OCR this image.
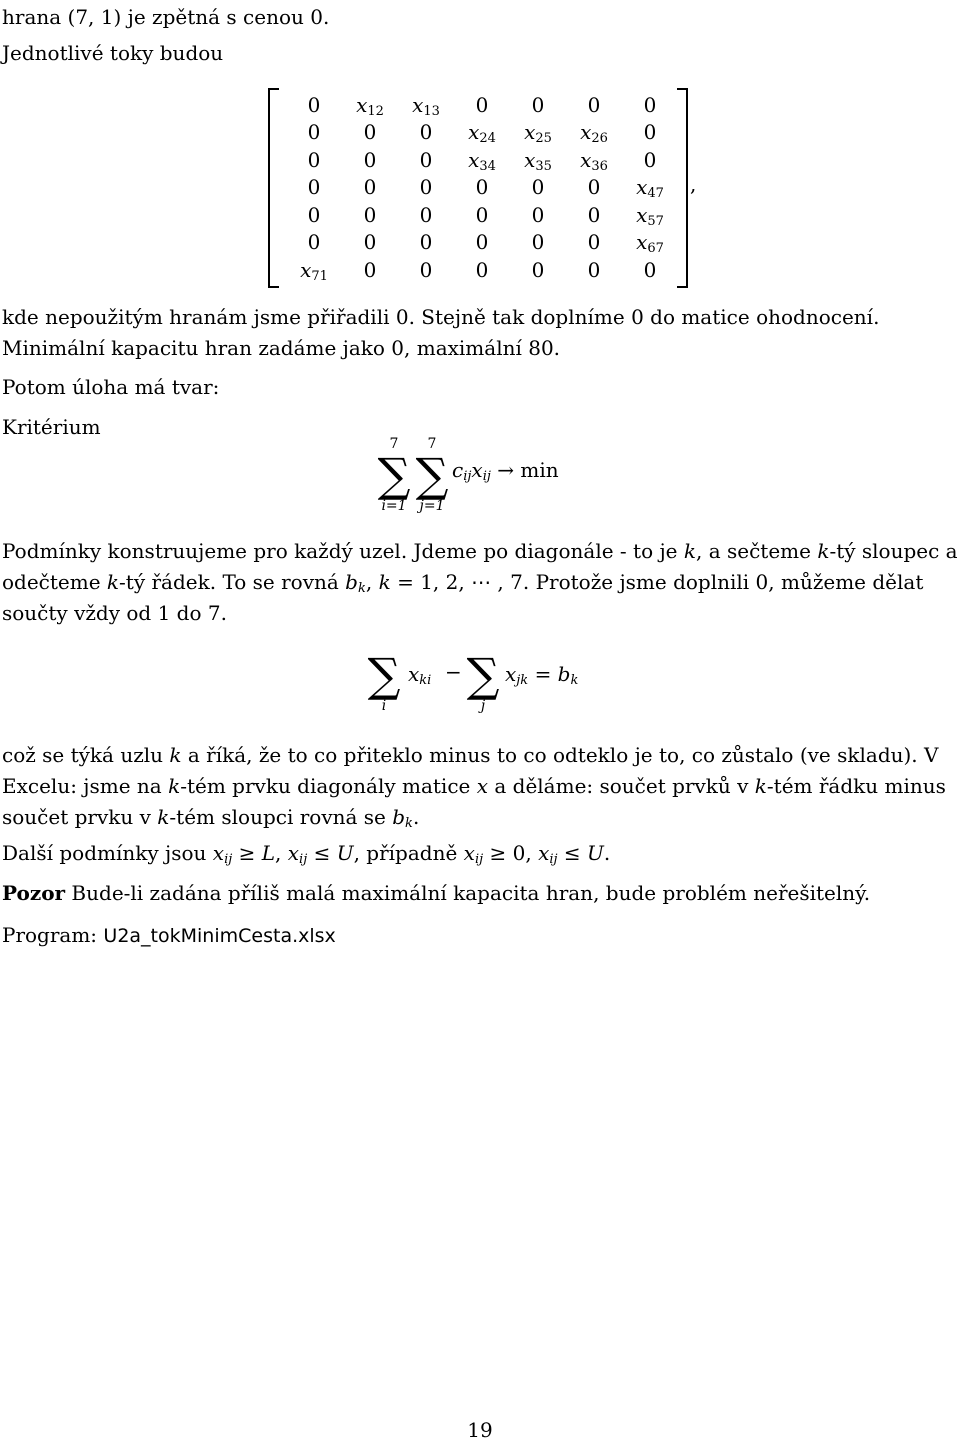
hrana (7, 1) je zpětná s cenou 0.

Jednotlivé toky budou

0	$x_{12}$	$x_{13}$	0	0	0	0
0	0	0	$x_{24}$	$x_{25}$	$x_{26}$	0
0	0	0	$x_{34}$	$x_{35}$	$x_{36}$	0
0	0	0	0	0	0	$x_{47}$
0	0	0	0	0	0	$x_{57}$
0	0	0	0	0	0	$x_{67}$
$x_{71}$	0	0	0	0	0	0
,

kde nepoužitým hranám jsme přiřadili 0. Stejně tak doplníme 0 do matice ohodnocení. Minimální kapacitu hran zadáme jako 0, maximální 80.

Potom úloha má tvar:

Kritérium

7
∑
i=1
7
∑
j=1
$c_{ij}x_{ij} \to \min$

Podmínky konstruujeme pro každý uzel. Jdeme po diagonále - to je k, a sečteme k-tý sloupec a odečteme k-tý řádek. To se rovná $b_k$, k = 1, 2, ⋯ , 7. Protože jsme doplnili 0, můžeme dělat součty vždy od 1 do 7.

∑
i
$x_{ki}$ − ∑
j
$x_{jk} = b_k$

což se týká uzlu k a říká, že to co přiteklo minus to co odteklo je to, co zůstalo (ve skladu). V Excelu: jsme na k-tém prvku diagonály matice x a děláme: součet prvků v k-tém řádku minus součet prvku v k-tém sloupci rovná se $b_k$.

Další podmínky jsou $x_{ij} \ge L$, $x_{ij} \le U$, případně $x_{ij} \ge 0$, $x_{ij} \le U$.

Pozor Bude-li zadána příliš malá maximální kapacita hran, bude problém neřešitelný.

Program: U2a_tokMinimCesta.xlsx

19
